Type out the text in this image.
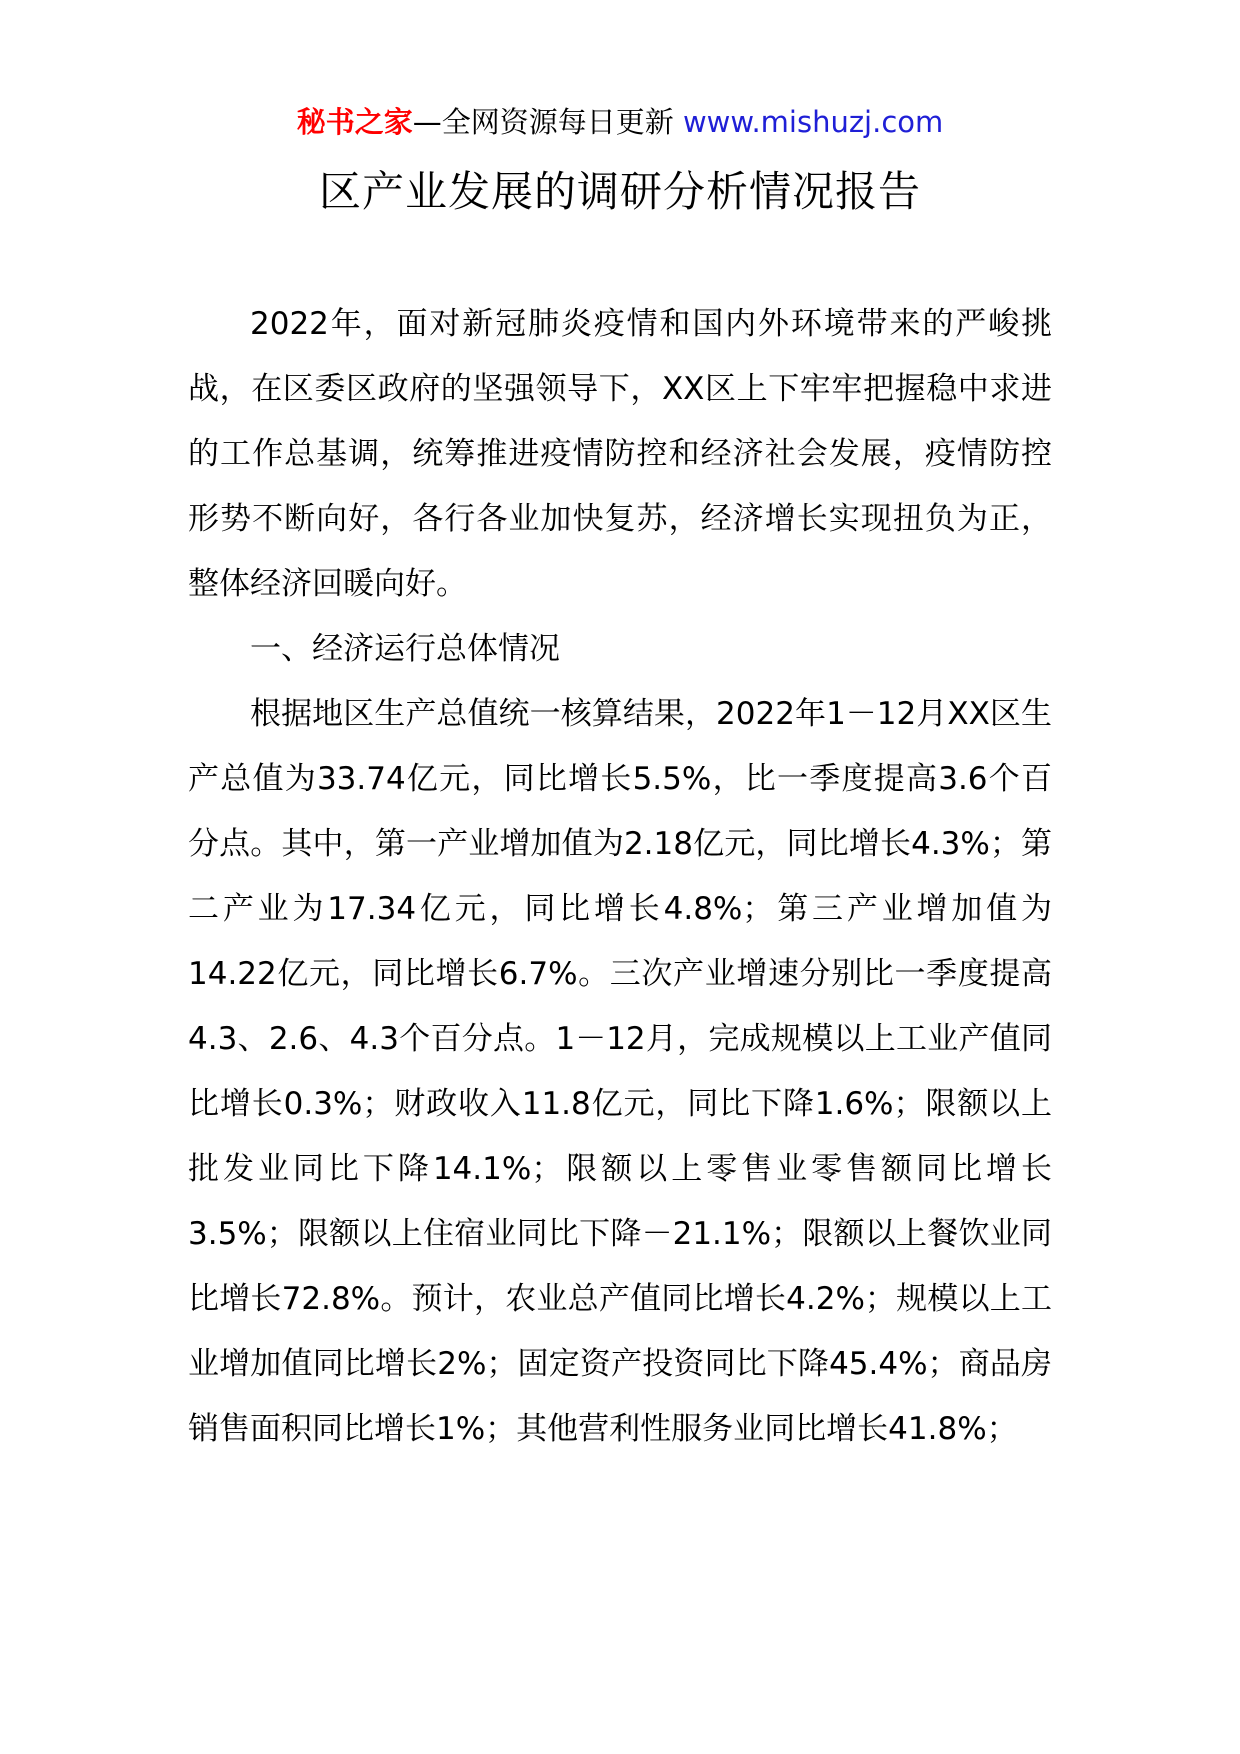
秘书之家—全网资源每日更新 www.mishuzj.com
区产业发展的调研分析情况报告

2022年，面对新冠肺炎疫情和国内外环境带来的严峻挑战，在区委区政府的坚强领导下，XX区上下牢牢把握稳中求进的工作总基调，统筹推进疫情防控和经济社会发展，疫情防控形势不断向好，各行各业加快复苏，经济增长实现扭负为正，整体经济回暖向好。

一、经济运行总体情况

根据地区生产总值统一核算结果，2022年1－12月XX区生产总值为33.74亿元，同比增长5.5%，比一季度提高3.6个百分点。其中，第一产业增加值为2.18亿元，同比增长4.3%；第二产业为17.34亿元，同比增长4.8%；第三产业增加值为14.22亿元，同比增长6.7%。三次产业增速分别比一季度提高4.3、2.6、4.3个百分点。1－12月，完成规模以上工业产值同比增长0.3%；财政收入11.8亿元，同比下降1.6%；限额以上批发业同比下降14.1%；限额以上零售业零售额同比增长3.5%；限额以上住宿业同比下降－21.1%；限额以上餐饮业同比增长72.8%。预计，农业总产值同比增长4.2%；规模以上工业增加值同比增长2%；固定资产投资同比下降45.4%；商品房销售面积同比增长1%；其他营利性服务业同比增长41.8%；
